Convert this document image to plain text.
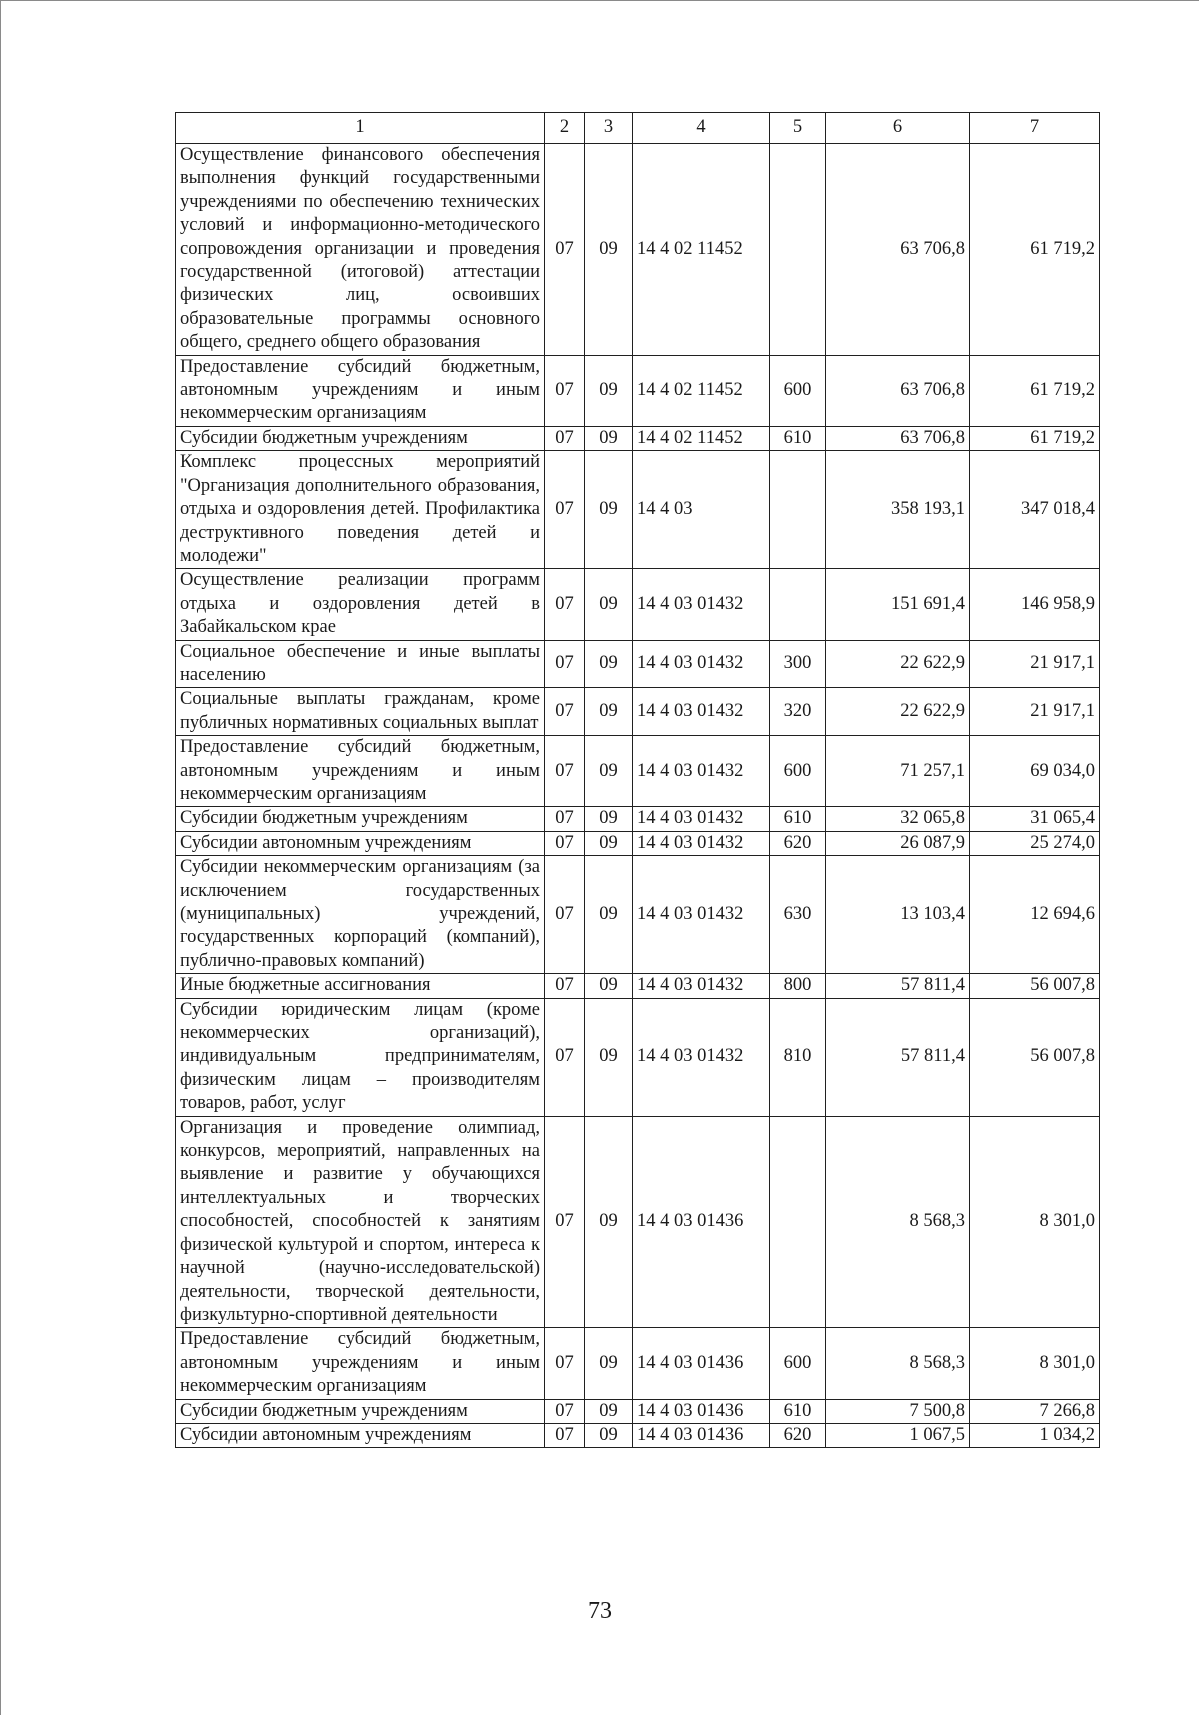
1	2	3	4	5	6	7
Осуществление финансового обеспечения выполнения функций государственными учреждениями по обеспечению технических условий и информационно-методического сопровождения организации и проведения государственной (итоговой) аттестации физических лиц, освоивших образовательные программы основного общего, среднего общего образования	07	09	14 4 02 11452		63 706,8	61 719,2
Предоставление субсидий бюджетным, автономным учреждениям и иным некоммерческим организациям	07	09	14 4 02 11452	600	63 706,8	61 719,2
Субсидии бюджетным учреждениям	07	09	14 4 02 11452	610	63 706,8	61 719,2
Комплекс процессных мероприятий "Организация дополнительного образования, отдыха и оздоровления детей. Профилактика деструктивного поведения детей и молодежи"	07	09	14 4 03		358 193,1	347 018,4
Осуществление реализации программ отдыха и оздоровления детей в Забайкальском крае	07	09	14 4 03 01432		151 691,4	146 958,9
Социальное обеспечение и иные выплаты населению	07	09	14 4 03 01432	300	22 622,9	21 917,1
Социальные выплаты гражданам, кроме публичных нормативных социальных выплат	07	09	14 4 03 01432	320	22 622,9	21 917,1
Предоставление субсидий бюджетным, автономным учреждениям и иным некоммерческим организациям	07	09	14 4 03 01432	600	71 257,1	69 034,0
Субсидии бюджетным учреждениям	07	09	14 4 03 01432	610	32 065,8	31 065,4
Субсидии автономным учреждениям	07	09	14 4 03 01432	620	26 087,9	25 274,0
Субсидии некоммерческим организациям (за исключением государственных (муниципальных) учреждений, государственных корпораций (компаний), публично-правовых компаний)	07	09	14 4 03 01432	630	13 103,4	12 694,6
Иные бюджетные ассигнования	07	09	14 4 03 01432	800	57 811,4	56 007,8
Субсидии юридическим лицам (кроме некоммерческих организаций), индивидуальным предпринимателям, физическим лицам – производителям товаров, работ, услуг	07	09	14 4 03 01432	810	57 811,4	56 007,8
Организация и проведение олимпиад, конкурсов, мероприятий, направленных на выявление и развитие у обучающихся интеллектуальных и творческих способностей, способностей к занятиям физической культурой и спортом, интереса к научной (научно-исследовательской) деятельности, творческой деятельности, физкультурно-спортивной деятельности	07	09	14 4 03 01436		8 568,3	8 301,0
Предоставление субсидий бюджетным, автономным учреждениям и иным некоммерческим организациям	07	09	14 4 03 01436	600	8 568,3	8 301,0
Субсидии бюджетным учреждениям	07	09	14 4 03 01436	610	7 500,8	7 266,8
Субсидии автономным учреждениям	07	09	14 4 03 01436	620	1 067,5	1 034,2
73
